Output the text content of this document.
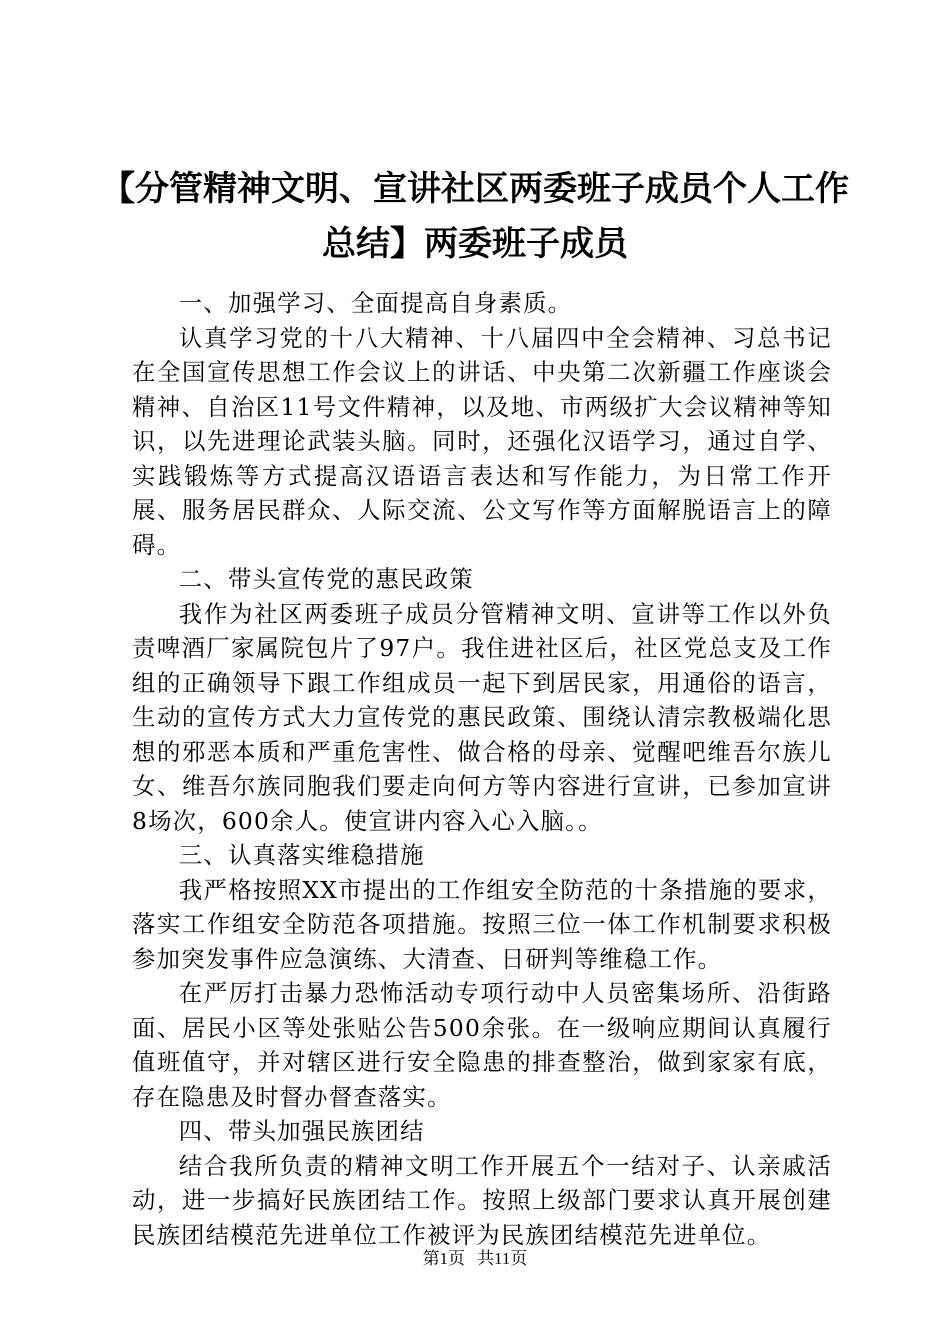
【分管精神文明、宣讲社区两委班子成员个人工作总结】两委班子成员

一、加强学习、全面提高自身素质。

认真学习党的十八大精神、十八届四中全会精神、习总书记在全国宣传思想工作会议上的讲话、中央第二次新疆工作座谈会精神、自治区11号文件精神，以及地、市两级扩大会议精神等知识，以先进理论武装头脑。同时，还强化汉语学习，通过自学、实践锻炼等方式提高汉语语言表达和写作能力，为日常工作开展、服务居民群众、人际交流、公文写作等方面解脱语言上的障碍。

二、带头宣传党的惠民政策

我作为社区两委班子成员分管精神文明、宣讲等工作以外负责啤酒厂家属院包片了97户。我住进社区后，社区党总支及工作组的正确领导下跟工作组成员一起下到居民家，用通俗的语言，生动的宣传方式大力宣传党的惠民政策、围绕认清宗教极端化思想的邪恶本质和严重危害性、做合格的母亲、觉醒吧维吾尔族儿女、维吾尔族同胞我们要走向何方等内容进行宣讲，已参加宣讲8场次，600余人。使宣讲内容入心入脑。。

三、认真落实维稳措施

我严格按照XX市提出的工作组安全防范的十条措施的要求，落实工作组安全防范各项措施。按照三位一体工作机制要求积极参加突发事件应急演练、大清查、日研判等维稳工作。

在严厉打击暴力恐怖活动专项行动中人员密集场所、沿街路面、居民小区等处张贴公告500余张。在一级响应期间认真履行值班值守，并对辖区进行安全隐患的排查整治，做到家家有底，存在隐患及时督办督查落实。

四、带头加强民族团结

结合我所负责的精神文明工作开展五个一结对子、认亲戚活动，进一步搞好民族团结工作。按照上级部门要求认真开展创建民族团结模范先进单位工作被评为民族团结模范先进单位。

第1页 共11页
